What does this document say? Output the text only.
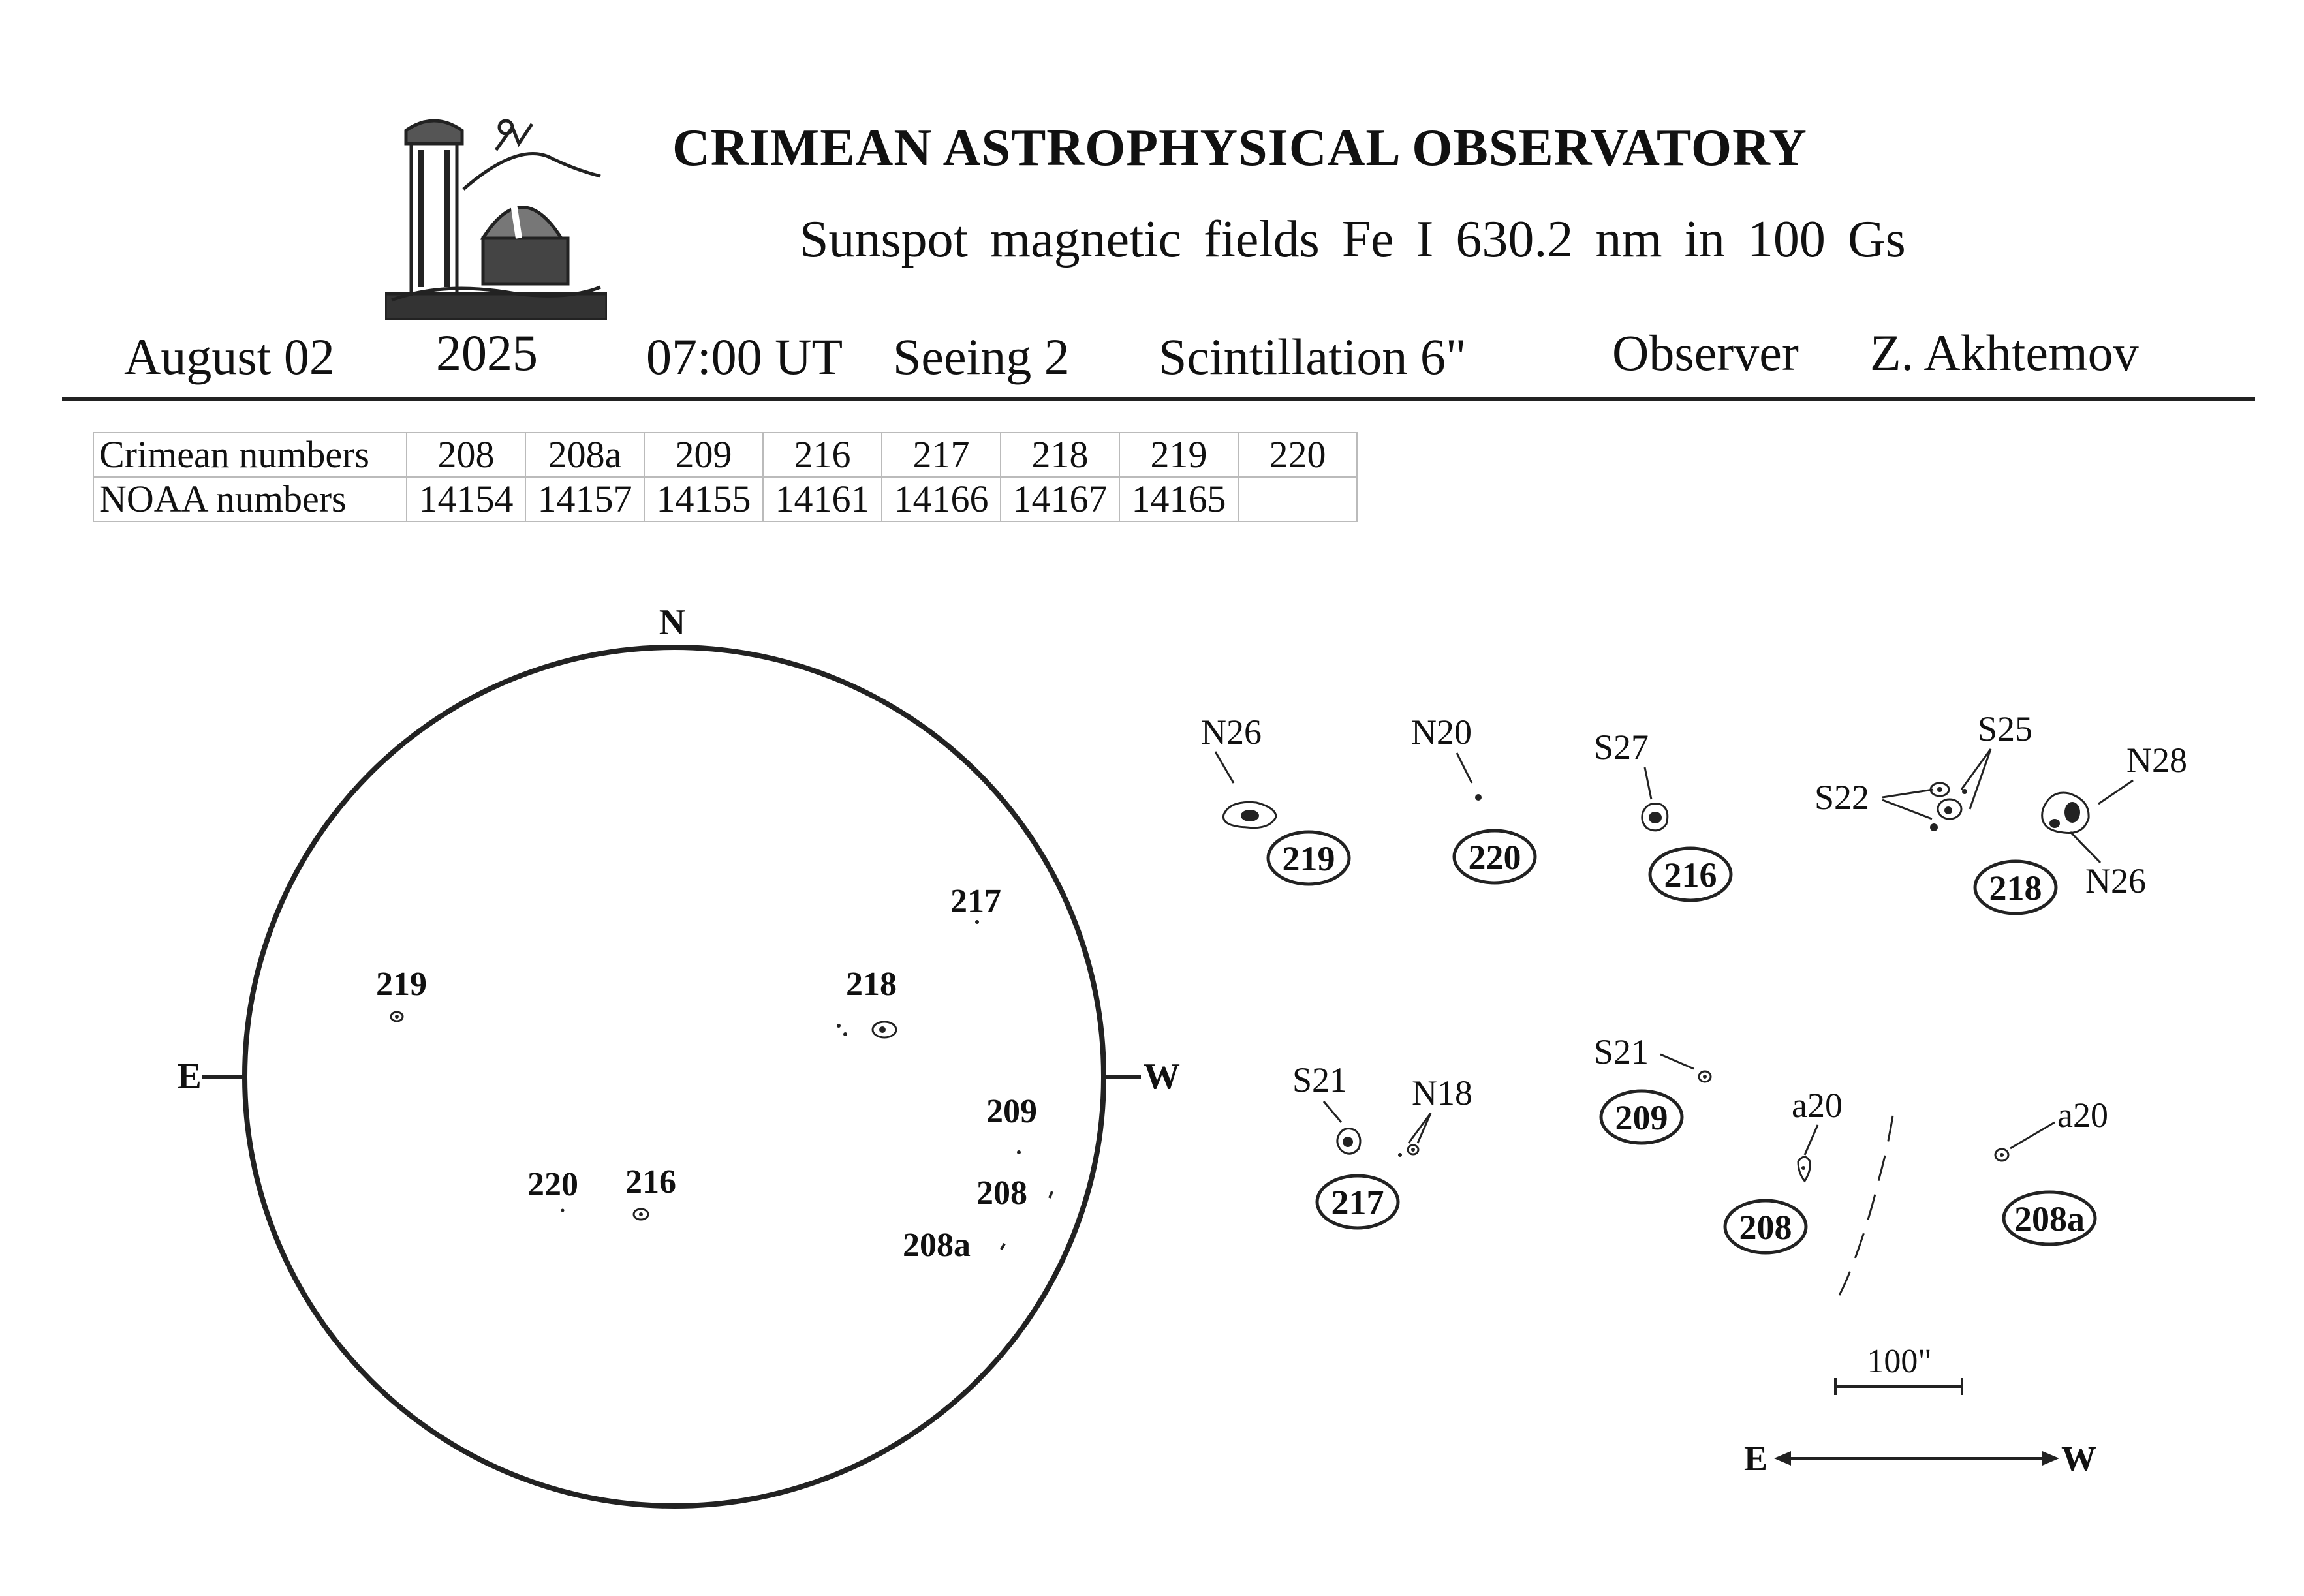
CRIMEAN ASTROPHYSICAL OBSERVATORY
Sunspot magnetic fields Fe I 630.2 nm in 100 Gs
August 02 2025 07:00 UT Seeing 2 Scintillation 6"	Observer Z. Akhtemov
Crimean numbers	208	208a	209	216	217	218	219	220
NOAA numbers	14154	14157	14155	14161	14166	14167	14165	
N
E	W
219
217
218
209
208
208a
220 216
N26
219
N20
220
S27
216
S25
N28
S22
N26
218
S21 N18
217
S21
209	a20
208
a20
208a
100"
E	W
